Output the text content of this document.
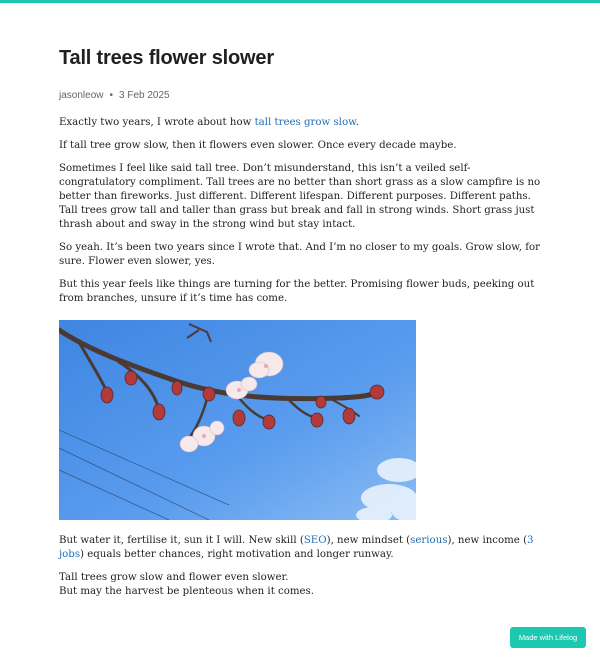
Tall trees flower slower
jasonleow • 3 Feb 2025

Exactly two years, I wrote about how tall trees grow slow.

If tall tree grow slow, then it flowers even slower. Once every decade maybe.

Sometimes I feel like said tall tree. Don’t misunderstand, this isn’t a veiled self-congratulatory compliment. Tall trees are no better than short grass as a slow campfire is no better than fireworks. Just different. Different lifespan. Different purposes. Different paths. Tall trees grow tall and taller than grass but break and fall in strong winds. Short grass just thrash about and sway in the strong wind but stay intact.

So yeah. It’s been two years since I wrote that. And I’m no closer to my goals. Grow slow, for sure. Flower even slower, yes.

But this year feels like things are turning for the better. Promising flower buds, peeking out from branches, unsure if it’s time has come.

But water it, fertilise it, sun it I will. New skill (SEO), new mindset (serious), new income (3 jobs) equals better chances, right motivation and longer runway.

Tall trees grow slow and flower even slower.
But may the harvest be plenteous when it comes.

Made with Lifelog
